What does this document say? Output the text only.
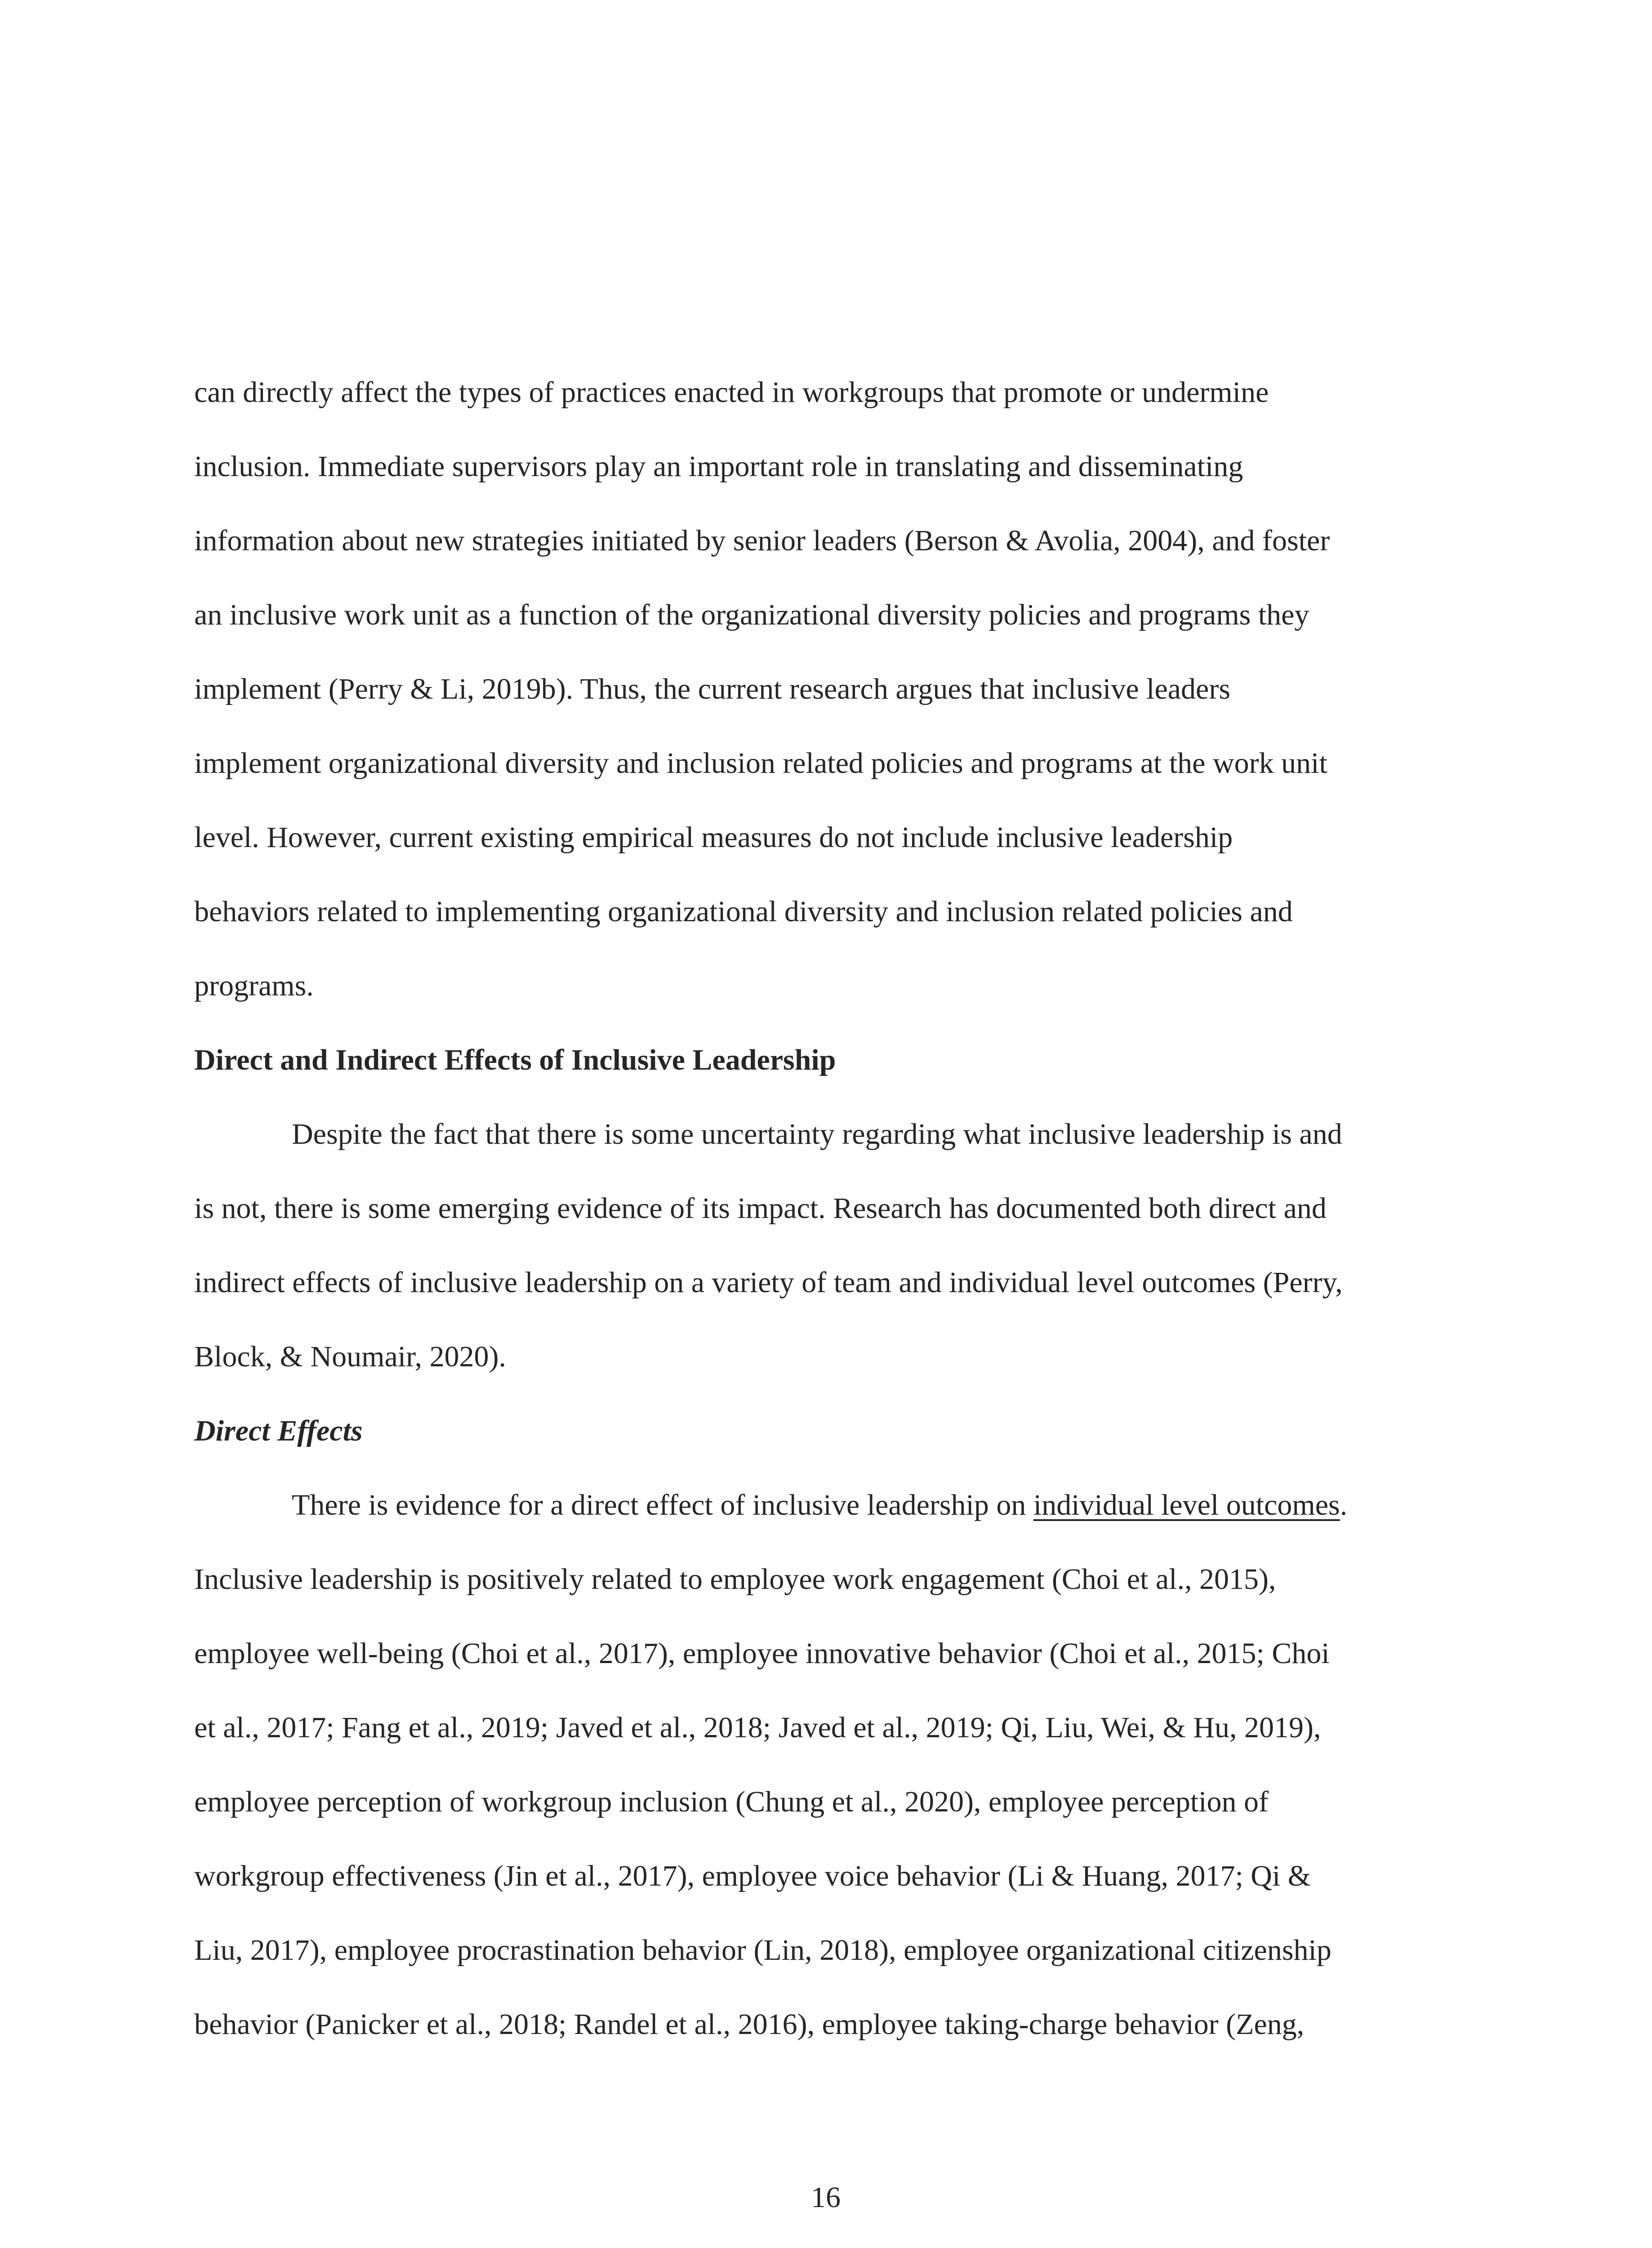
can directly affect the types of practices enacted in workgroups that promote or undermine
inclusion. Immediate supervisors play an important role in translating and disseminating
information about new strategies initiated by senior leaders (Berson & Avolia, 2004), and foster
an inclusive work unit as a function of the organizational diversity policies and programs they
implement (Perry & Li, 2019b). Thus, the current research argues that inclusive leaders
implement organizational diversity and inclusion related policies and programs at the work unit
level. However, current existing empirical measures do not include inclusive leadership
behaviors related to implementing organizational diversity and inclusion related policies and
programs.
Direct and Indirect Effects of Inclusive Leadership
Despite the fact that there is some uncertainty regarding what inclusive leadership is and
is not, there is some emerging evidence of its impact. Research has documented both direct and
indirect effects of inclusive leadership on a variety of team and individual level outcomes (Perry,
Block, & Noumair, 2020).
Direct Effects
There is evidence for a direct effect of inclusive leadership on individual level outcomes.
Inclusive leadership is positively related to employee work engagement (Choi et al., 2015),
employee well-being (Choi et al., 2017), employee innovative behavior (Choi et al., 2015; Choi
et al., 2017; Fang et al., 2019; Javed et al., 2018; Javed et al., 2019; Qi, Liu, Wei, & Hu, 2019),
employee perception of workgroup inclusion (Chung et al., 2020), employee perception of
workgroup effectiveness (Jin et al., 2017), employee voice behavior (Li & Huang, 2017; Qi &
Liu, 2017), employee procrastination behavior (Lin, 2018), employee organizational citizenship
behavior (Panicker et al., 2018; Randel et al., 2016), employee taking-charge behavior (Zeng,
16
